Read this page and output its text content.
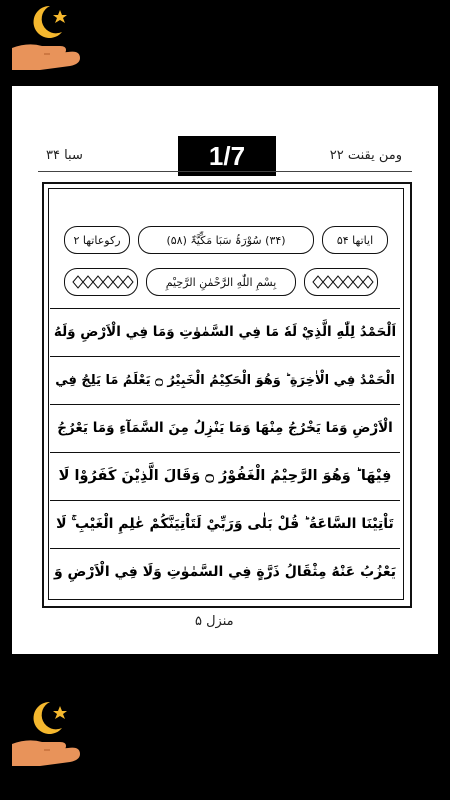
1/7
سبا ۳۴	ومن يقنت ٢٢
رکوعاتھا ۲	(۳۴) سُوْرَۃُ سَبَا مَکِّیَّۃٌ (۵۸)	ایاتھا ۵۴
بِسْمِ اللّٰهِ الرَّحْمٰنِ الرَّحِيْمِ
اَلْحَمْدُ لِلّٰهِ الَّذِيْ لَهٗ مَا فِي السَّمٰوٰتِ وَمَا فِي الْاَرْضِ وَلَهُ
الْحَمْدُ فِي الْاٰخِرَةِ ؕ وَهُوَ الْحَكِيْمُ الْخَبِيْرُ ۝ يَعْلَمُ مَا يَلِجُ فِي
الْاَرْضِ وَمَا يَخْرُجُ مِنْهَا وَمَا يَنْزِلُ مِنَ السَّمَآءِ وَمَا يَعْرُجُ
فِيْهَا ؕ وَهُوَ الرَّحِيْمُ الْغَفُوْرُ ۝ وَقَالَ الَّذِيْنَ كَفَرُوْا لَا
تَاْتِيْنَا السَّاعَةُ ؕ قُلْ بَلٰى وَرَبِّيْ لَتَاْتِيَنَّكُمْ عٰلِمِ الْغَيْبِ ۚ لَا
يَعْزُبُ عَنْهُ مِثْقَالُ ذَرَّةٍ فِي السَّمٰوٰتِ وَلَا فِي الْاَرْضِ وَ
منزل ۵
